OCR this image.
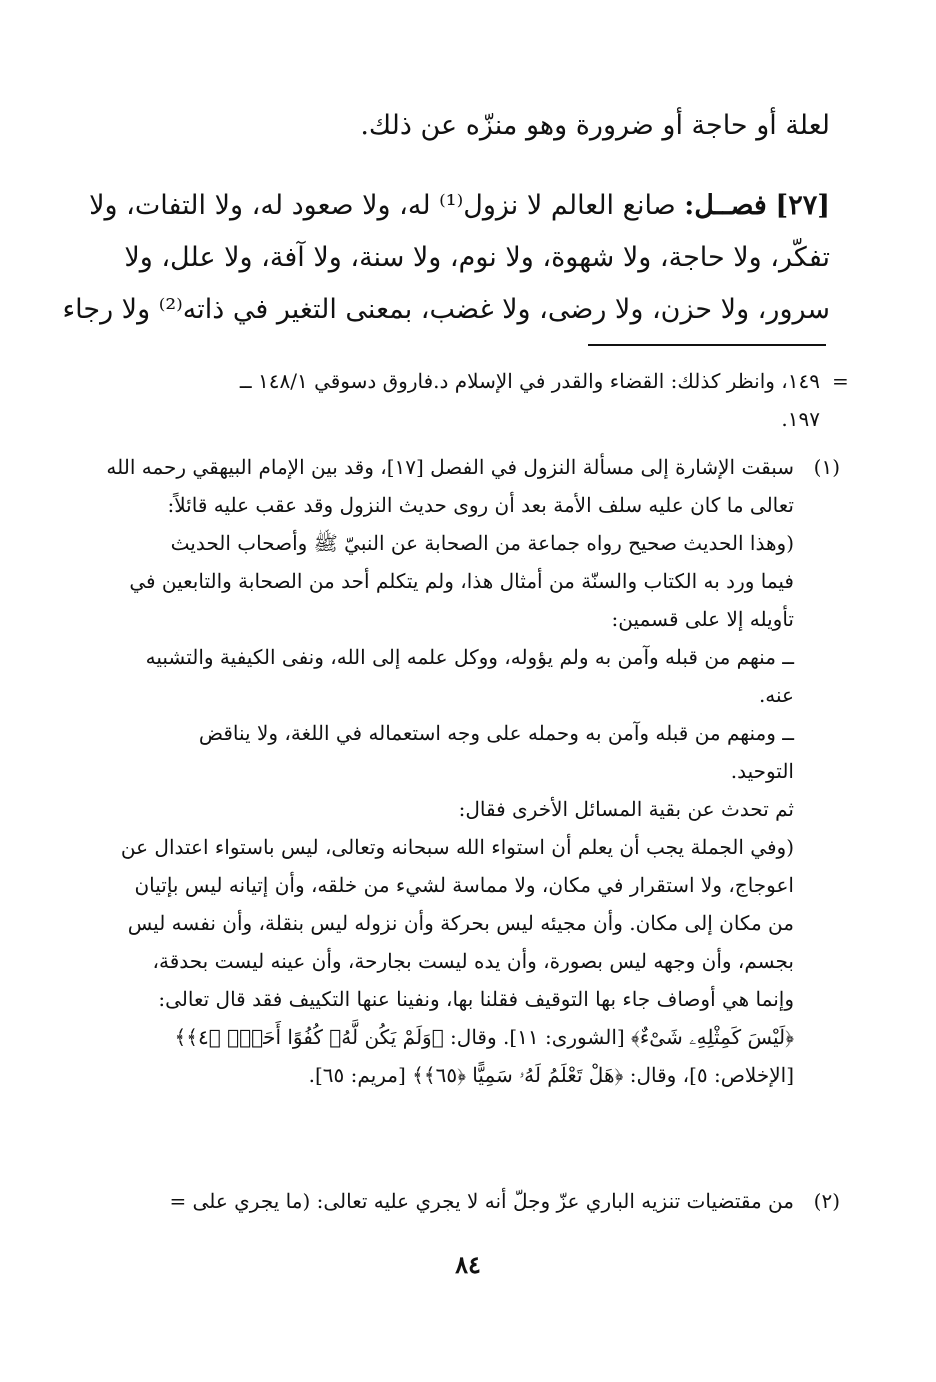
لعلة أو حاجة أو ضرورة وهو منزّه عن ذلك.
[٢٧] فصــل: صانع العالم لا نزول⁽¹⁾ له، ولا صعود له، ولا التفات، ولا
تفكّر، ولا حاجة، ولا شهوة، ولا نوم، ولا سنة، ولا آفة، ولا علل، ولا
سرور، ولا حزن، ولا رضى، ولا غضب، بمعنى التغير في ذاته⁽²⁾ ولا رجاء
=
١٤٩، وانظر كذلك: القضاء والقدر في الإسلام د.فاروق دسوقي ١٤٨/١ ــ
١٩٧.
(١)
سبقت الإشارة إلى مسألة النزول في الفصل [١٧]، وقد بين الإمام البيهقي رحمه الله
تعالى ما كان عليه سلف الأمة بعد أن روى حديث النزول وقد عقب عليه قائلاً:
(وهذا الحديث صحيح رواه جماعة من الصحابة عن النبيّ ﷺ وأصحاب الحديث
فيما ورد به الكتاب والسنّة من أمثال هذا، ولم يتكلم أحد من الصحابة والتابعين في
تأويله إلا على قسمين:
ــ منهم من قبله وآمن به ولم يؤوله، ووكل علمه إلى الله، ونفى الكيفية والتشبيه
عنه.
ــ ومنهم من قبله وآمن به وحمله على وجه استعماله في اللغة، ولا يناقض
التوحيد.
ثم تحدث عن بقية المسائل الأخرى فقال:
(وفي الجملة يجب أن يعلم أن استواء الله سبحانه وتعالى، ليس باستواء اعتدال عن
اعوجاج، ولا استقرار في مكان، ولا مماسة لشيء من خلقه، وأن إتيانه ليس بإتيان
من مكان إلى مكان. وأن مجيئه ليس بحركة وأن نزوله ليس بنقلة، وأن نفسه ليس
بجسم، وأن وجهه ليس بصورة، وأن يده ليست بجارحة، وأن عينه ليست بحدقة،
وإنما هي أوصاف جاء بها التوقيف فقلنا بها، ونفينا عنها التكييف فقد قال تعالى:
﴿لَيْسَ كَمِثْلِهِۦ شَىْءٌ﴾ [الشورى: ١١]. وقال: ﴿وَلَمْ يَكُن لَّهُۥ كُفُوًا أَحَدٌۢ ﴿٤﴾﴾
[الإخلاص: ٥]، وقال: ﴿هَلْ تَعْلَمُ لَهُۥ سَمِيًّا ﴿٦٥﴾﴾ [مريم: ٦٥].
(٢)
من مقتضيات تنزيه الباري عزّ وجلّ أنه لا يجري عليه تعالى: (ما يجري على =
٨٤
